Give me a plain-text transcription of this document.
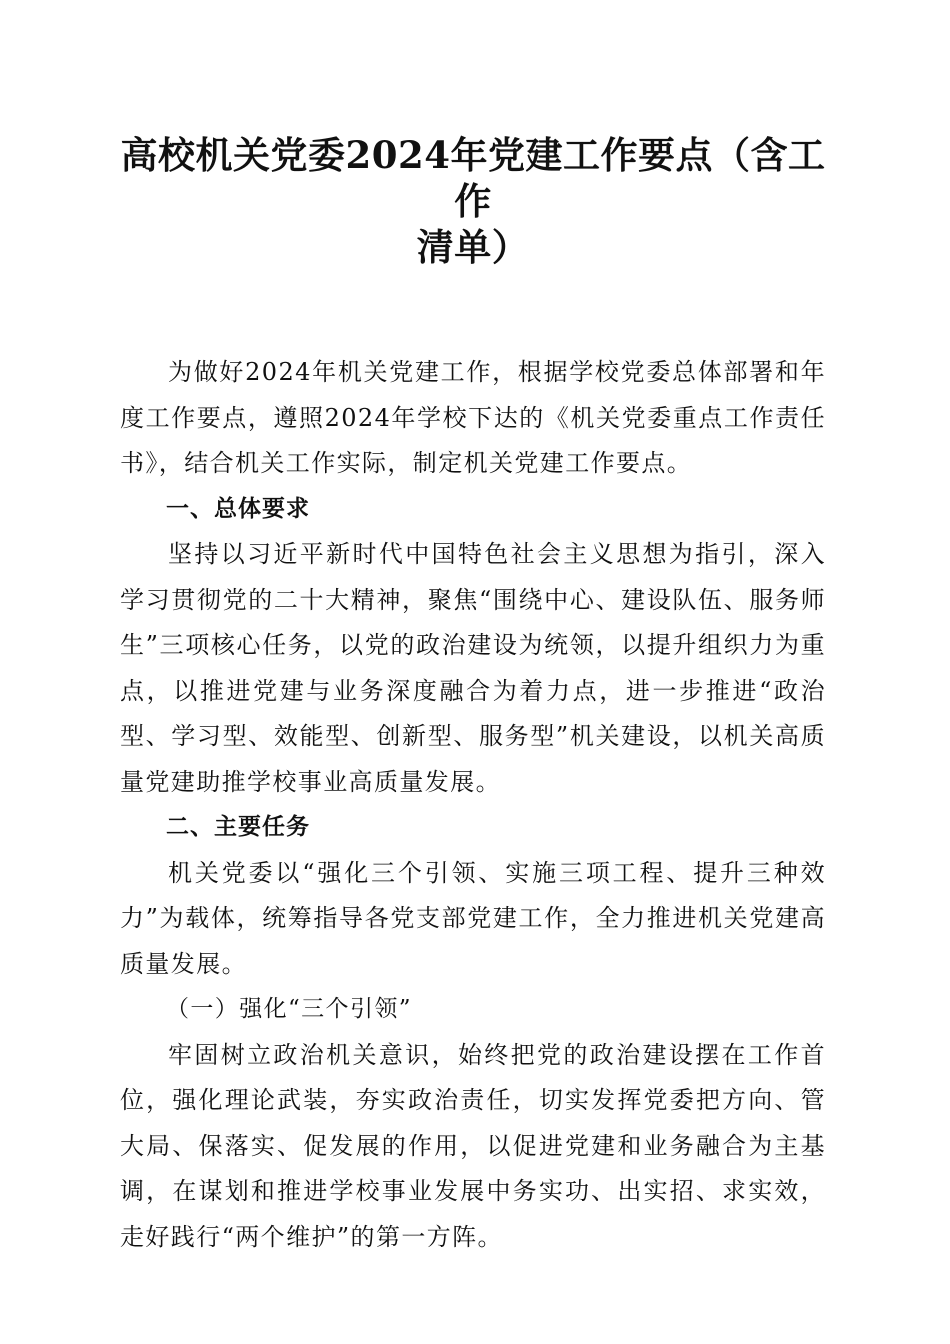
高校机关党委2024年党建工作要点（含工作
清单）

为做好2024年机关党建工作，根据学校党委总体部署和年度工作要点，遵照2024年学校下达的《机关党委重点工作责任书》，结合机关工作实际，制定机关党建工作要点。

一、总体要求

坚持以习近平新时代中国特色社会主义思想为指引，深入学习贯彻党的二十大精神，聚焦“围绕中心、建设队伍、服务师生”三项核心任务，以党的政治建设为统领，以提升组织力为重点，以推进党建与业务深度融合为着力点，进一步推进“政治型、学习型、效能型、创新型、服务型”机关建设，以机关高质量党建助推学校事业高质量发展。

二、主要任务

机关党委以“强化三个引领、实施三项工程、提升三种效力”为载体，统筹指导各党支部党建工作，全力推进机关党建高质量发展。

（一）强化“三个引领”

牢固树立政治机关意识，始终把党的政治建设摆在工作首位，强化理论武装，夯实政治责任，切实发挥党委把方向、管大局、保落实、促发展的作用，以促进党建和业务融合为主基调，在谋划和推进学校事业发展中务实功、出实招、求实效，走好践行“两个维护”的第一方阵。
